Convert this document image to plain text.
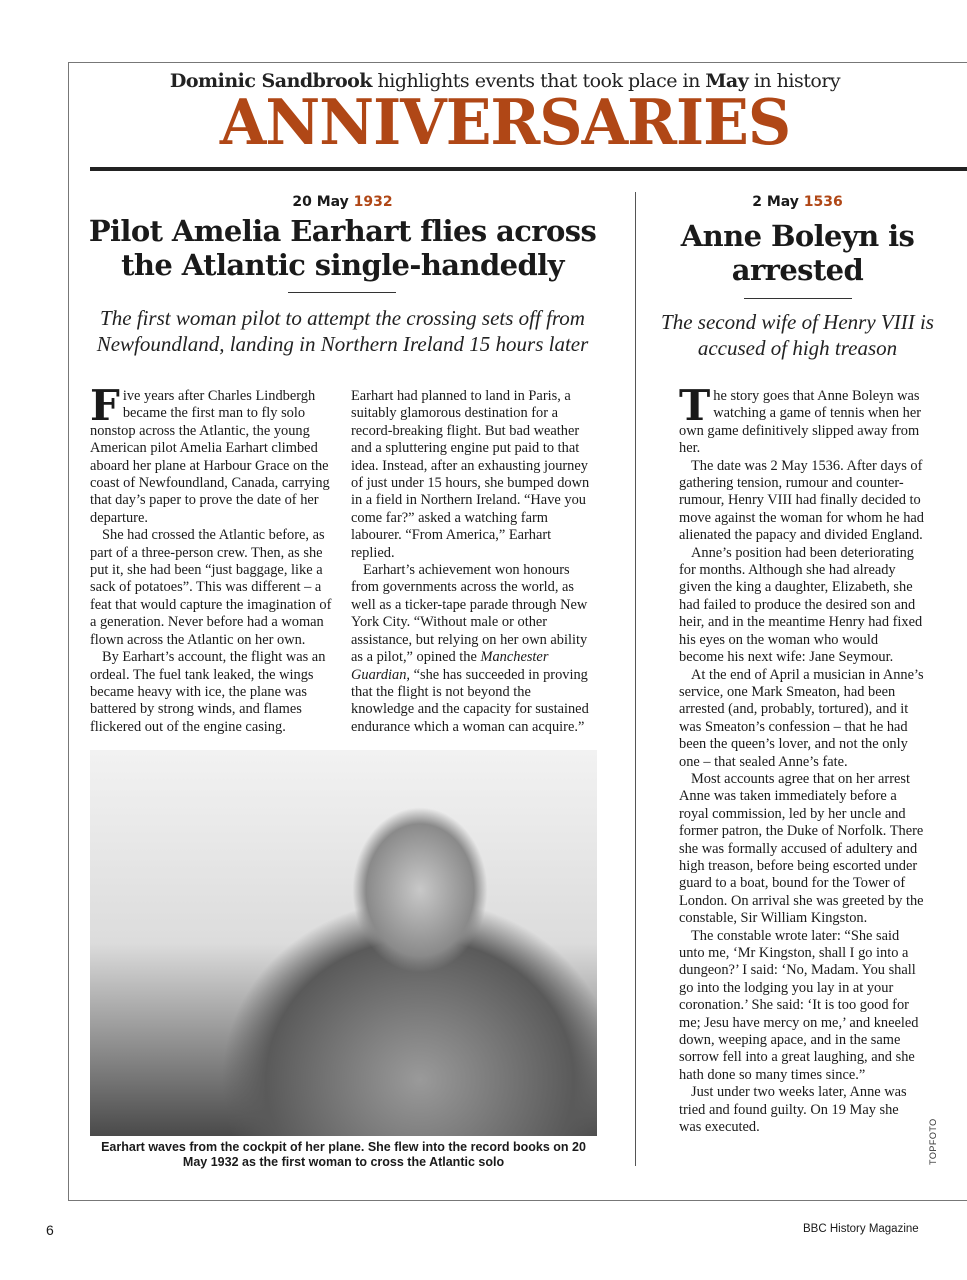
Dominic Sandbrook highlights events that took place in May in history
ANNIVERSARIES
20 May 1932
Pilot Amelia Earhart flies across the Atlantic single-handedly
The first woman pilot to attempt the crossing sets off from Newfoundland, landing in Northern Ireland 15 hours later

Five years after Charles Lindbergh became the first man to fly solo nonstop across the Atlantic, the young American pilot Amelia Earhart climbed aboard her plane at Harbour Grace on the coast of Newfoundland, Canada, carrying that day’s paper to prove the date of her departure.

She had crossed the Atlantic before, as part of a three-person crew. Then, as she put it, she had been “just baggage, like a sack of potatoes”. This was different – a feat that would capture the imagination of a generation. Never before had a woman flown across the Atlantic on her own.

By Earhart’s account, the flight was an ordeal. The fuel tank leaked, the wings became heavy with ice, the plane was battered by strong winds, and flames flickered out of the engine casing.

Earhart had planned to land in Paris, a suitably glamorous destination for a record-breaking flight. But bad weather and a spluttering engine put paid to that idea. Instead, after an exhausting journey of just under 15 hours, she bumped down in a field in Northern Ireland. “Have you come far?” asked a watching farm labourer. “From America,” Earhart replied.

Earhart’s achievement won honours from governments across the world, as well as a ticker-tape parade through New York City. “Without male or other assistance, but relying on her own ability as a pilot,” opined the Manchester Guardian, “she has succeeded in proving that the flight is not beyond the knowledge and the capacity for sustained endurance which a woman can acquire.”

Earhart waves from the cockpit of her plane. She flew into the record books on 20 May 1932 as the first woman to cross the Atlantic solo
2 May 1536
Anne Boleyn is arrested
The second wife of Henry VIII is accused of high treason

The story goes that Anne Boleyn was watching a game of tennis when her own game definitively slipped away from her.

The date was 2 May 1536. After days of gathering tension, rumour and counter-rumour, Henry VIII had finally decided to move against the woman for whom he had alienated the papacy and divided England.

Anne’s position had been deteriorating for months. Although she had already given the king a daughter, Elizabeth, she had failed to produce the desired son and heir, and in the meantime Henry had fixed his eyes on the woman who would become his next wife: Jane Seymour.

At the end of April a musician in Anne’s service, one Mark Smeaton, had been arrested (and, probably, tortured), and it was Smeaton’s confession – that he had been the queen’s lover, and not the only one – that sealed Anne’s fate.

Most accounts agree that on her arrest Anne was taken immediately before a royal commission, led by her uncle and former patron, the Duke of Norfolk. There she was formally accused of adultery and high treason, before being escorted under guard to a boat, bound for the Tower of London. On arrival she was greeted by the constable, Sir William Kingston.

The constable wrote later: “She said unto me, ‘Mr Kingston, shall I go into a dungeon?’ I said: ‘No, Madam. You shall go into the lodging you lay in at your coronation.’ She said: ‘It is too good for me; Jesu have mercy on me,’ and kneeled down, weeping apace, and in the same sorrow fell into a great laughing, and she hath done so many times since.”

Just under two weeks later, Anne was tried and found guilty. On 19 May she was executed.	TOPFOTO
6	BBC History Magazine
